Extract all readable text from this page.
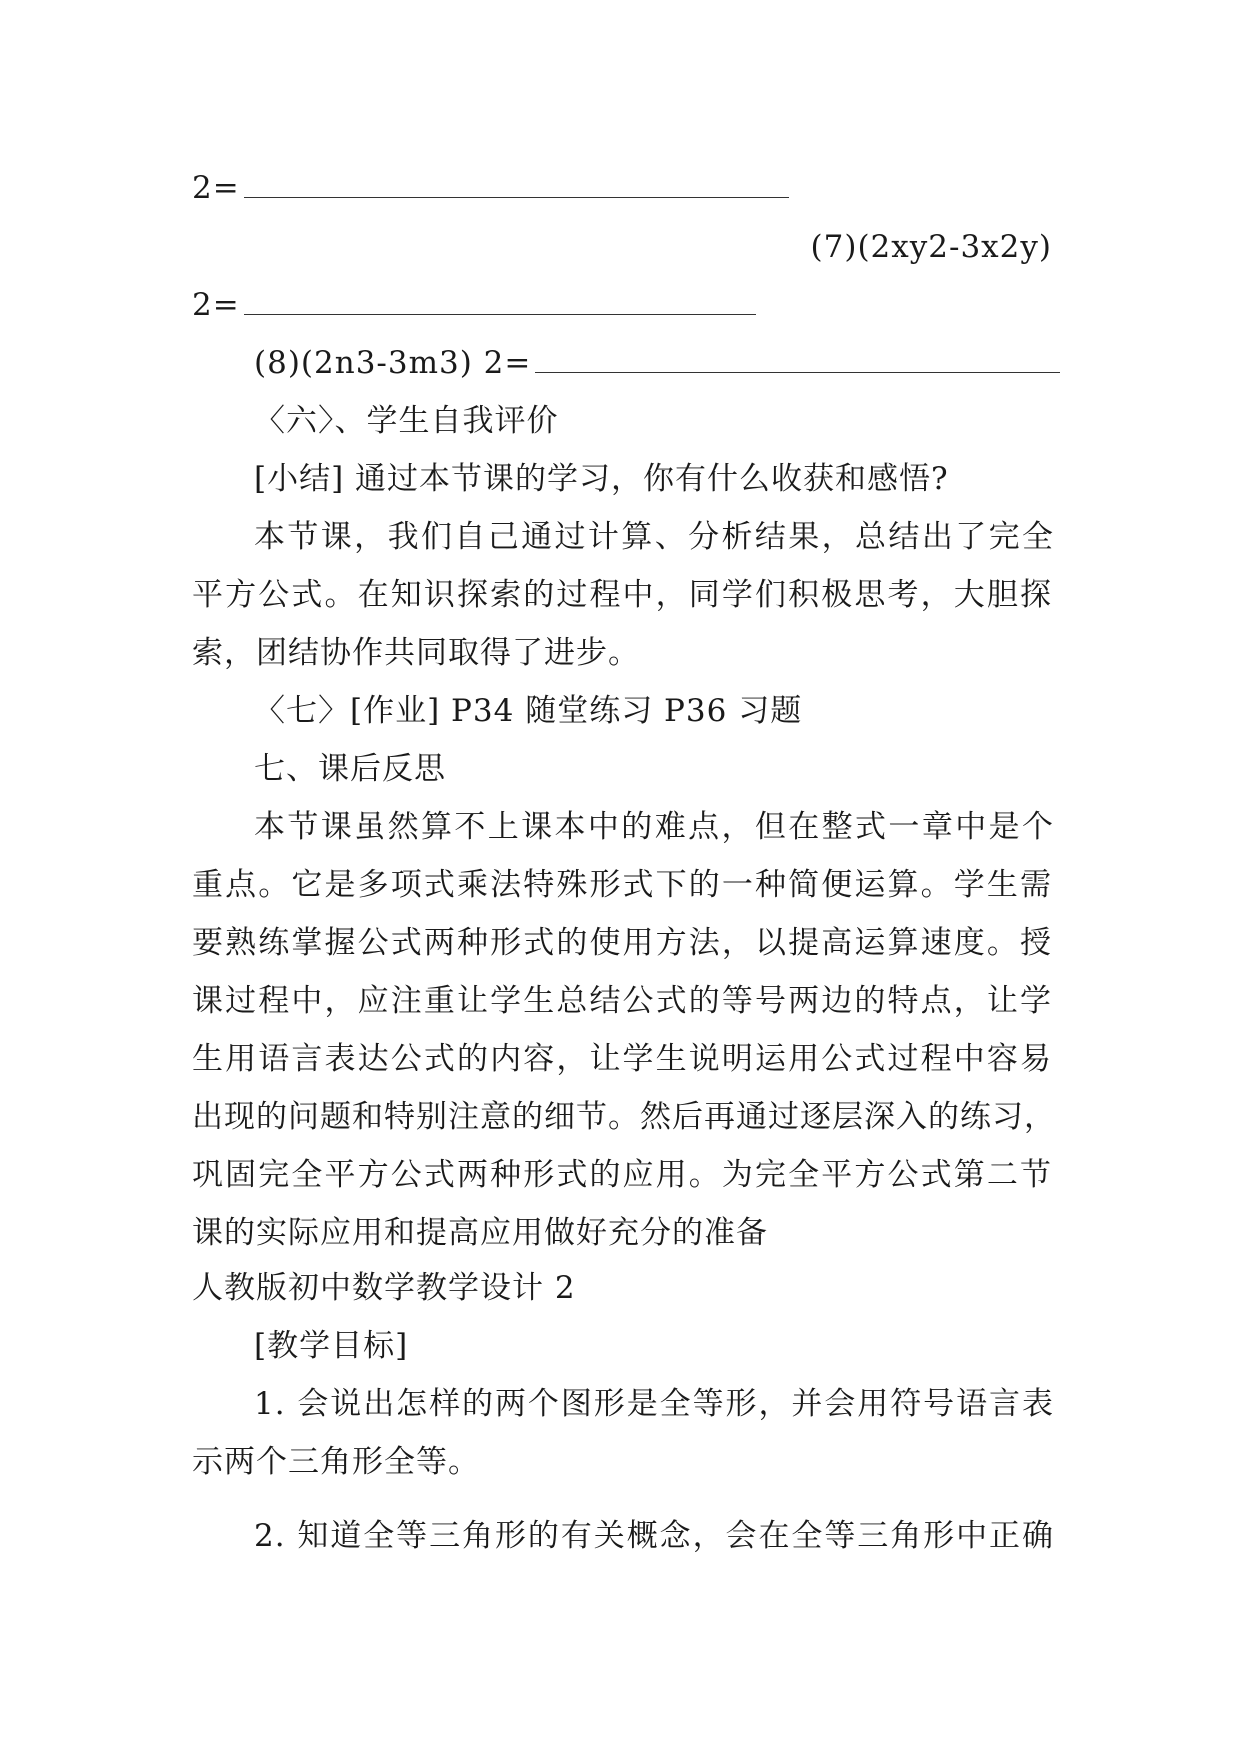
2=
(7)(2xy2-3x2y)
2=
(8)(2n3-3m3) 2=
〈六〉、学生自我评价
[小结] 通过本节课的学习，你有什么收获和感悟?
本节课，我们自己通过计算、分析结果，总结出了完全
平方公式。在知识探索的过程中，同学们积极思考，大胆探
索，团结协作共同取得了进步。
〈七〉[作业] P34 随堂练习 P36 习题
七、课后反思
本节课虽然算不上课本中的难点，但在整式一章中是个
重点。它是多项式乘法特殊形式下的一种简便运算。学生需
要熟练掌握公式两种形式的使用方法，以提高运算速度。授
课过程中，应注重让学生总结公式的等号两边的特点，让学
生用语言表达公式的内容，让学生说明运用公式过程中容易
出现的问题和特别注意的细节。然后再通过逐层深入的练习，
巩固完全平方公式两种形式的应用。为完全平方公式第二节
课的实际应用和提高应用做好充分的准备
人教版初中数学教学设计 2
[教学目标]
1. 会说出怎样的两个图形是全等形，并会用符号语言表
示两个三角形全等。
2. 知道全等三角形的有关概念，会在全等三角形中正确
